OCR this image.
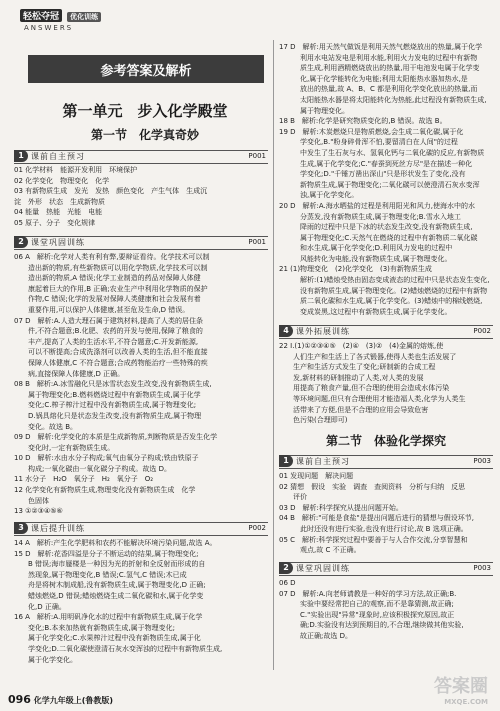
轻松夺冠 优化训练
ANSWERS
参考答案及解析
第一单元　步入化学殿堂
第一节　化学真奇妙
1 课前自主预习	P001

01 化学材料　能源开发利用　环境保护

02 化学变化　物理变化　化学

03 有新物质生成　发光　发热　颜色变化　产生气体　生成沉

淀　外形　状态　生成新物质

04 能量　热能　光能　电能

05 原子、分子　变化规律

2 课堂巩固训练	P001

06 A　解析:化学对人类有利有弊,要辩证看待。化学技术可以制

　　造出新的物质,有些新物质可以用化学物质,化学技术可以制

　　造出新的物质,A 错误;化学工业制造的药品对保障人体健

　　康起着巨大的作用,B 正确;农业生产中利用化学物质的保护

　　作物,C 错误;化学的发展对保障人类健康和社会发展有着

　　重要作用,可以保护人体健康,甚至危及生命,D 错误。

07 D　解析:A.人造大理石属于建筑材料,提高了人类的居住条

　　件,不符合题意;B.化肥、农药的开发与使用,保障了粮食的

　　丰产,提高了人类的生活水平,不符合题意;C.开发新能源,

　　可以不断提高;合成洗涤剂可以改善人类的生活,但不能直接

　　保障人体健康,C 不符合题意;合成药物能治疗一些特殊的疾

　　病,直接保障人体健康,D 正确。

08 B　解析:A.冰雪融化只是冰雪状态发生改变,没有新物质生成,

　　属于物理变化;B.燃料燃烧过程中有新物质生成,属于化学

　　变化;C.榨子榨汁过程中没有新物质生成,属于物理变化;

　　D.锅具熔化只是状态发生改变,没有新物质生成,属于物理

　　变化。故选 B。

09 D　解析:化学变化的本质是生成新物质,判断物质是否发生化学

　　变化时,一定有新物质生成。

10 D　解析:水由水分子构成;氧气由氧分子构成;铁由铁原子

　　构成;一氧化碳由一氧化碳分子构成。故选 D。

11 水分子　H₂O　氧分子　H₂　氧分子　O₂

12 化学变化有新物质生成,物理变化没有新物质生成　化学

　　色固体

13 ①②③④⑤⑥

3 课后提升训练	P002

14 A　解析:产生化学肥料和农药不能解决环境污染问题,故选 A。

15 D　解析:花香四溢是分子不断运动的结果,属于物理变化;

　　B 错误;海市蜃楼是一种因为光的折射和全反射而形成的自

　　然现象,属于物理变化,B 错误;C.氢气,C 错误;木已成

　　舟是将树木制成船,没有新物质生成,属于物理变化,D 正确;

　　蜡烛燃烧,D 错误;蜡烛燃烧生成二氧化碳和水,属于化学变

　　化,D 正确。

16 A　解析:A.用明矾净化水的过程中有新物质生成,属于化学

　　变化;B.本来加热就有新物质生成,属于物理变化;

　　属于化学变化;C.水果榨汁过程中没有新物质生成,属于化

　　学变化;D.二氧化碳使澄清石灰水变浑浊的过程中有新物质生成,

　　属于化学变化。

17 D　解析:用天然气做饭是利用天然气燃烧放出的热量,属于化学

　　　利用水电站发电是利用水能,利用火力发电的过程中有新物

　　　质生成,利用酒精燃烧放出的热量,用干电池发电属于化学变

　　　化,属于化学能转化为电能;利用太阳能热水器加热水,是

　　　放出的热量,故 A、B、C 都是利用化学变化放出的热量,而

　　　太阳能热水器是将太阳能转化为热能,此过程没有新物质生成,

　　　属于物理变化。

18 B　解析:化学是研究物质变化的,B 错误。故选 B。

19 D　解析:木炭燃烧只是物质燃烧,会生成二氧化碳,属于化

　　　学变化,B."粉身碎骨浑不怕,要留清白在人间"的过程

　　　中发生了生石灰与水、氢氧化钙与二氧化碳的反应,有新物质

　　　生成,属于化学变化;C."春蚕到死丝方尽"是在描述一种化

　　　学变化;D."千锤万凿出深山"只是形状发生了变化,没有

　　　新物质生成,属于物理变化;二氧化碳可以使澄清石灰水变浑

　　　浊,属于化学变化。

20 D　解析:A.海水晒盐的过程是利用阳光和风力,使海水中的水

　　　分蒸发,没有新物质生成,属于物理变化;B.雪水入地工

　　　降雨的过程中只是下冰的状态发生改变,没有新物质生成,

　　　属于物理变化;C.天然气在燃烧的过程中有新物质二氧化碳

　　　和水生成,属于化学变化;D.利用风力发电的过程中

　　　风能转化为电能,没有新物质生成,属于物理变化。

21 (1)物理变化　(2)化学变化　(3)有新物质生成

　　　解析:(1)蜡烛受热由固态变成液态的过程中只是状态发生变化,

　　　没有新物质生成,属于物理变化。(2)蜡烛燃烧的过程中有新物

　　　质二氧化碳和水生成,属于化学变化。(3)蜡烛中的棉线燃烧,

　　　变成炭黑,这过程中有新物质生成,属于化学变化。

4 课外拓展训练	P002

22 Ⅰ.(1)①②③④⑤　(2)④　(3)②　(4)金属的熔炼,使

　　人们生产和生活上了各式锻器,使得人类也生活发展了

　　生产和生活方式发生了变化;研制新的合成工程

　　发,新材料的研制推动了人类,对人类的发展

　　用提高了粮食产量,但不合理的使用会造成水体污染

　　等环境问题,但只有合理使用才能造福人类,化学为人类生

　　活带来了方便,但是不合理的应用会导致危害

　　色污染(合理即可)

第二节　体验化学探究
1 课前自主预习	P003

01 发现问题　解决问题

02 猜想　假设　实验　调查　查阅资料　分析与归纳　反思

　　评价

03 D　解析:科学探究从提出问题开始。

04 B　解析:"可能是食盐"是提出问题后进行的猜想与假设环节,

　　　此时还没有进行实验,也没有进行讨论,故 B 选项正确。

05 C　解析:科学探究过程中要善于与人合作交流,分享智慧和

　　　观点,故 C 不正确。

2 课堂巩固训练	P003

06 D

07 D　解析:A.向老师请教是一种好的学习方法,故正确;B.

　　　实验中要经常把自己的观察,而不是靠猜测,故正确;

　　　C."实验出现"异常"现象时,应该积极探究原因,故正

　　　确;D.实验没有达到预期目的,不合理,继续做其他实验,

　　　故正确;故选 D。

096 化学九年级上(鲁教版)
答案圈
MXQE.COM
